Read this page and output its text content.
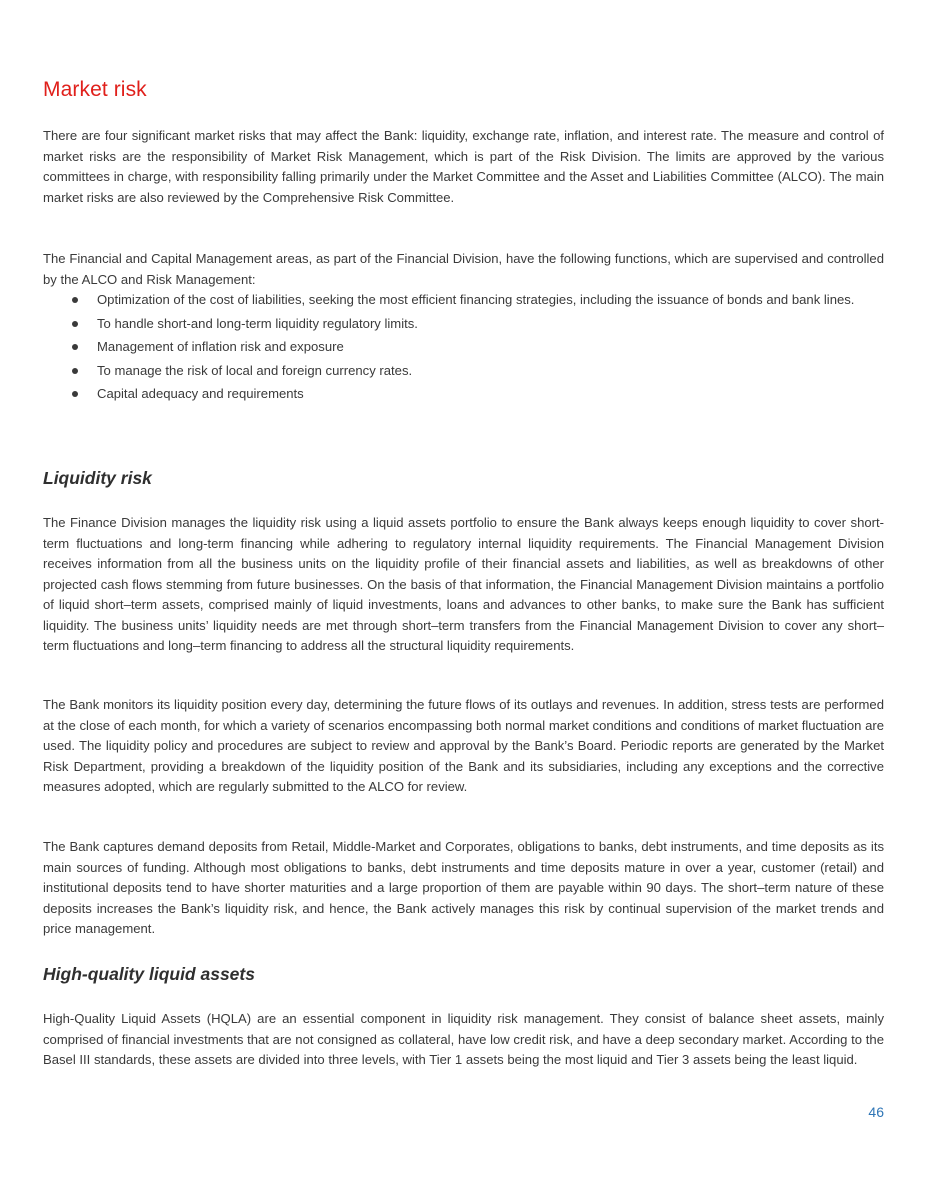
Market risk

There are four significant market risks that may affect the Bank: liquidity, exchange rate, inflation, and interest rate. The measure and control of market risks are the responsibility of Market Risk Management, which is part of the Risk Division. The limits are approved by the various committees in charge, with responsibility falling primarily under the Market Committee and the Asset and Liabilities Committee (ALCO). The main market risks are also reviewed by the Comprehensive Risk Committee.

The Financial and Capital Management areas, as part of the Financial Division, have the following functions, which are supervised and controlled by the ALCO and Risk Management:

Optimization of the cost of liabilities, seeking the most efficient financing strategies, including the issuance of bonds and bank lines.
To handle short-and long-term liquidity regulatory limits.
Management of inflation risk and exposure
To manage the risk of local and foreign currency rates.
Capital adequacy and requirements
Liquidity risk

The Finance Division manages the liquidity risk using a liquid assets portfolio to ensure the Bank always keeps enough liquidity to cover short-term fluctuations and long-term financing while adhering to regulatory internal liquidity requirements. The Financial Management Division receives information from all the business units on the liquidity profile of their financial assets and liabilities, as well as breakdowns of other projected cash flows stemming from future businesses. On the basis of that information, the Financial Management Division maintains a portfolio of liquid short–term assets, comprised mainly of liquid investments, loans and advances to other banks, to make sure the Bank has sufficient liquidity. The business units’ liquidity needs are met through short–term transfers from the Financial Management Division to cover any short–term fluctuations and long–term financing to address all the structural liquidity requirements.

The Bank monitors its liquidity position every day, determining the future flows of its outlays and revenues. In addition, stress tests are performed at the close of each month, for which a variety of scenarios encompassing both normal market conditions and conditions of market fluctuation are used. The liquidity policy and procedures are subject to review and approval by the Bank’s Board. Periodic reports are generated by the Market Risk Department, providing a breakdown of the liquidity position of the Bank and its subsidiaries, including any exceptions and the corrective measures adopted, which are regularly submitted to the ALCO for review.

The Bank captures demand deposits from Retail, Middle-Market and Corporates, obligations to banks, debt instruments, and time deposits as its main sources of funding. Although most obligations to banks, debt instruments and time deposits mature in over a year, customer (retail) and institutional deposits tend to have shorter maturities and a large proportion of them are payable within 90 days. The short–term nature of these deposits increases the Bank’s liquidity risk, and hence, the Bank actively manages this risk by continual supervision of the market trends and price management.

High-quality liquid assets

High-Quality Liquid Assets (HQLA) are an essential component in liquidity risk management. They consist of balance sheet assets, mainly comprised of financial investments that are not consigned as collateral, have low credit risk, and have a deep secondary market. According to the Basel III standards, these assets are divided into three levels, with Tier 1 assets being the most liquid and Tier 3 assets being the least liquid.

46
